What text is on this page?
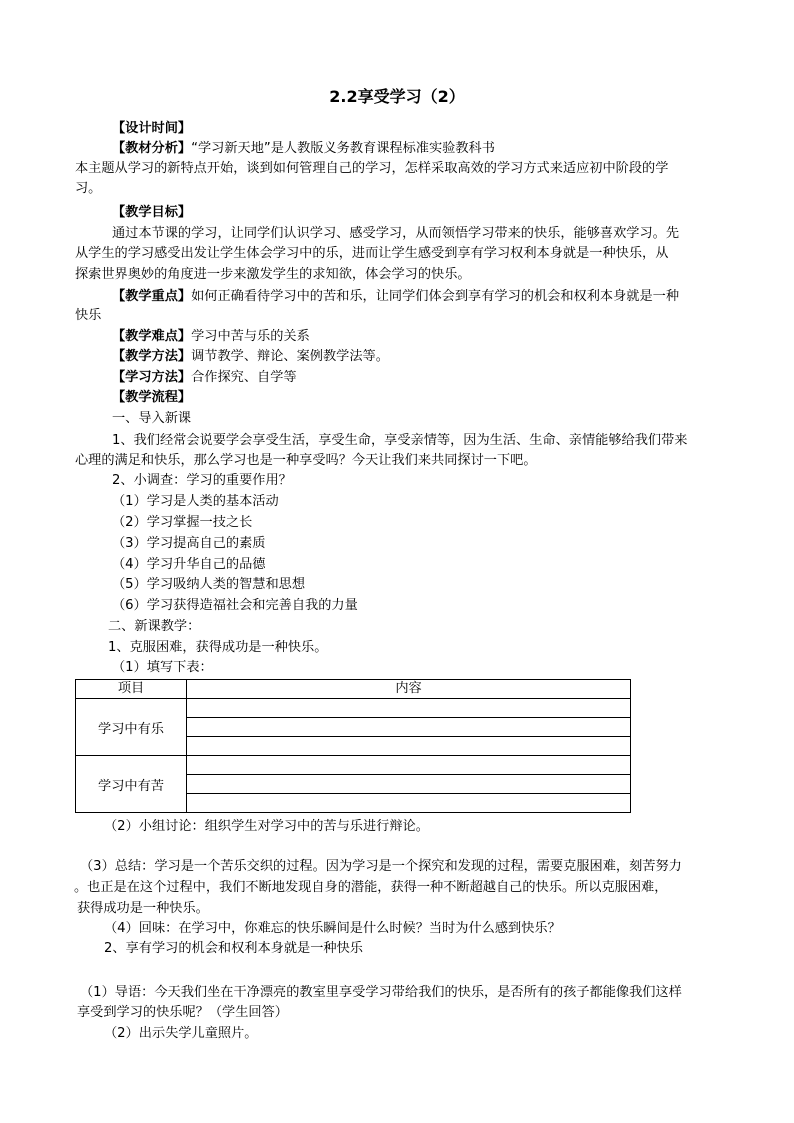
2.2享受学习（2）
【设计时间】
【教材分析】“学习新天地”是人教版义务教育课程标准实验教科书
本主题从学习的新特点开始，谈到如何管理自己的学习，怎样采取高效的学习方式来适应初中阶段的学
习。
【教学目标】
通过本节课的学习，让同学们认识学习、感受学习，从而领悟学习带来的快乐，能够喜欢学习。先
从学生的学习感受出发让学生体会学习中的乐，进而让学生感受到享有学习权利本身就是一种快乐，从
探索世界奥妙的角度进一步来激发学生的求知欲，体会学习的快乐。
【教学重点】如何正确看待学习中的苦和乐，让同学们体会到享有学习的机会和权利本身就是一种
快乐
【教学难点】学习中苦与乐的关系
【教学方法】调节教学、辩论、案例教学法等。
【学习方法】合作探究、自学等
【教学流程】
一、导入新课
1、我们经常会说要学会享受生活，享受生命，享受亲情等，因为生活、生命、亲情能够给我们带来
心理的满足和快乐，那么学习也是一种享受吗？今天让我们来共同探讨一下吧。
2、小调查：学习的重要作用？
（1）学习是人类的基本活动
（2）学习掌握一技之长
（3）学习提高自己的素质
（4）学习升华自己的品德
（5）学习吸纳人类的智慧和思想
（6）学习获得造福社会和完善自我的力量
二、新课教学：
1、克服困难，获得成功是一种快乐。
（1）填写下表：
项目	内容
学习中有乐	

学习中有苦	

（2）小组讨论：组织学生对学习中的苦与乐进行辩论。
（3）总结：学习是一个苦乐交织的过程。因为学习是一个探究和发现的过程，需要克服困难，刻苦努力
。也正是在这个过程中，我们不断地发现自身的潜能，获得一种不断超越自己的快乐。所以克服困难，
获得成功是一种快乐。
（4）回味：在学习中，你难忘的快乐瞬间是什么时候？当时为什么感到快乐？
2、享有学习的机会和权利本身就是一种快乐
（1）导语：今天我们坐在干净漂亮的教室里享受学习带给我们的快乐，是否所有的孩子都能像我们这样
享受到学习的快乐呢？（学生回答）
（2）出示失学儿童照片。
